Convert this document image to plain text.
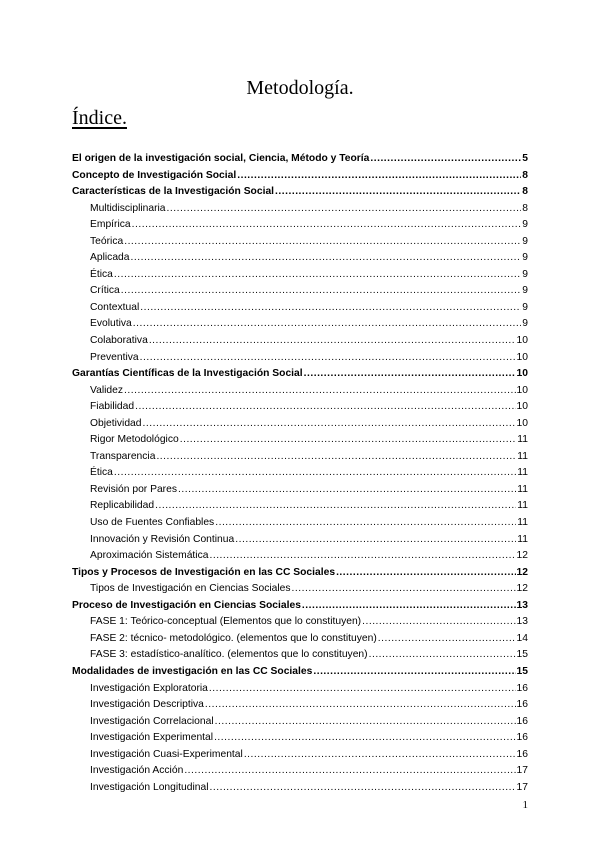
Metodología.
Índice.
El origen de la investigación social, Ciencia, Método y Teoría .....	5
Concepto de Investigación Social .....	8
Características de la Investigación Social .....	8
Multidisciplinaria .....	8
Empírica .....	9
Teórica .....	9
Aplicada .....	9
Ética .....	9
Crítica .....	9
Contextual .....	9
Evolutiva .....	9
Colaborativa .....	10
Preventiva .....	10
Garantías Científicas de la Investigación Social .....	10
Validez .....	10
Fiabilidad .....	10
Objetividad .....	10
Rigor Metodológico .....	11
Transparencia .....	11
Ética .....	11
Revisión por Pares .....	11
Replicabilidad .....	11
Uso de Fuentes Confiables .....	11
Innovación y Revisión Continua .....	11
Aproximación Sistemática .....	12
Tipos y Procesos de Investigación en las CC Sociales .....	12
Tipos de Investigación en Ciencias Sociales .....	12
Proceso de Investigación en Ciencias Sociales .....	13
FASE 1: Teórico-conceptual (Elementos que lo constituyen) .....	13
FASE 2: técnico- metodológico. (elementos que lo constituyen) .....	14
FASE 3: estadístico-analítico. (elementos que lo constituyen) .....	15
Modalidades de investigación en las CC Sociales .....	15
Investigación Exploratoria .....	16
Investigación Descriptiva .....	16
Investigación Correlacional .....	16
Investigación Experimental .....	16
Investigación Cuasi-Experimental .....	16
Investigación Acción .....	17
Investigación Longitudinal .....	17
1
